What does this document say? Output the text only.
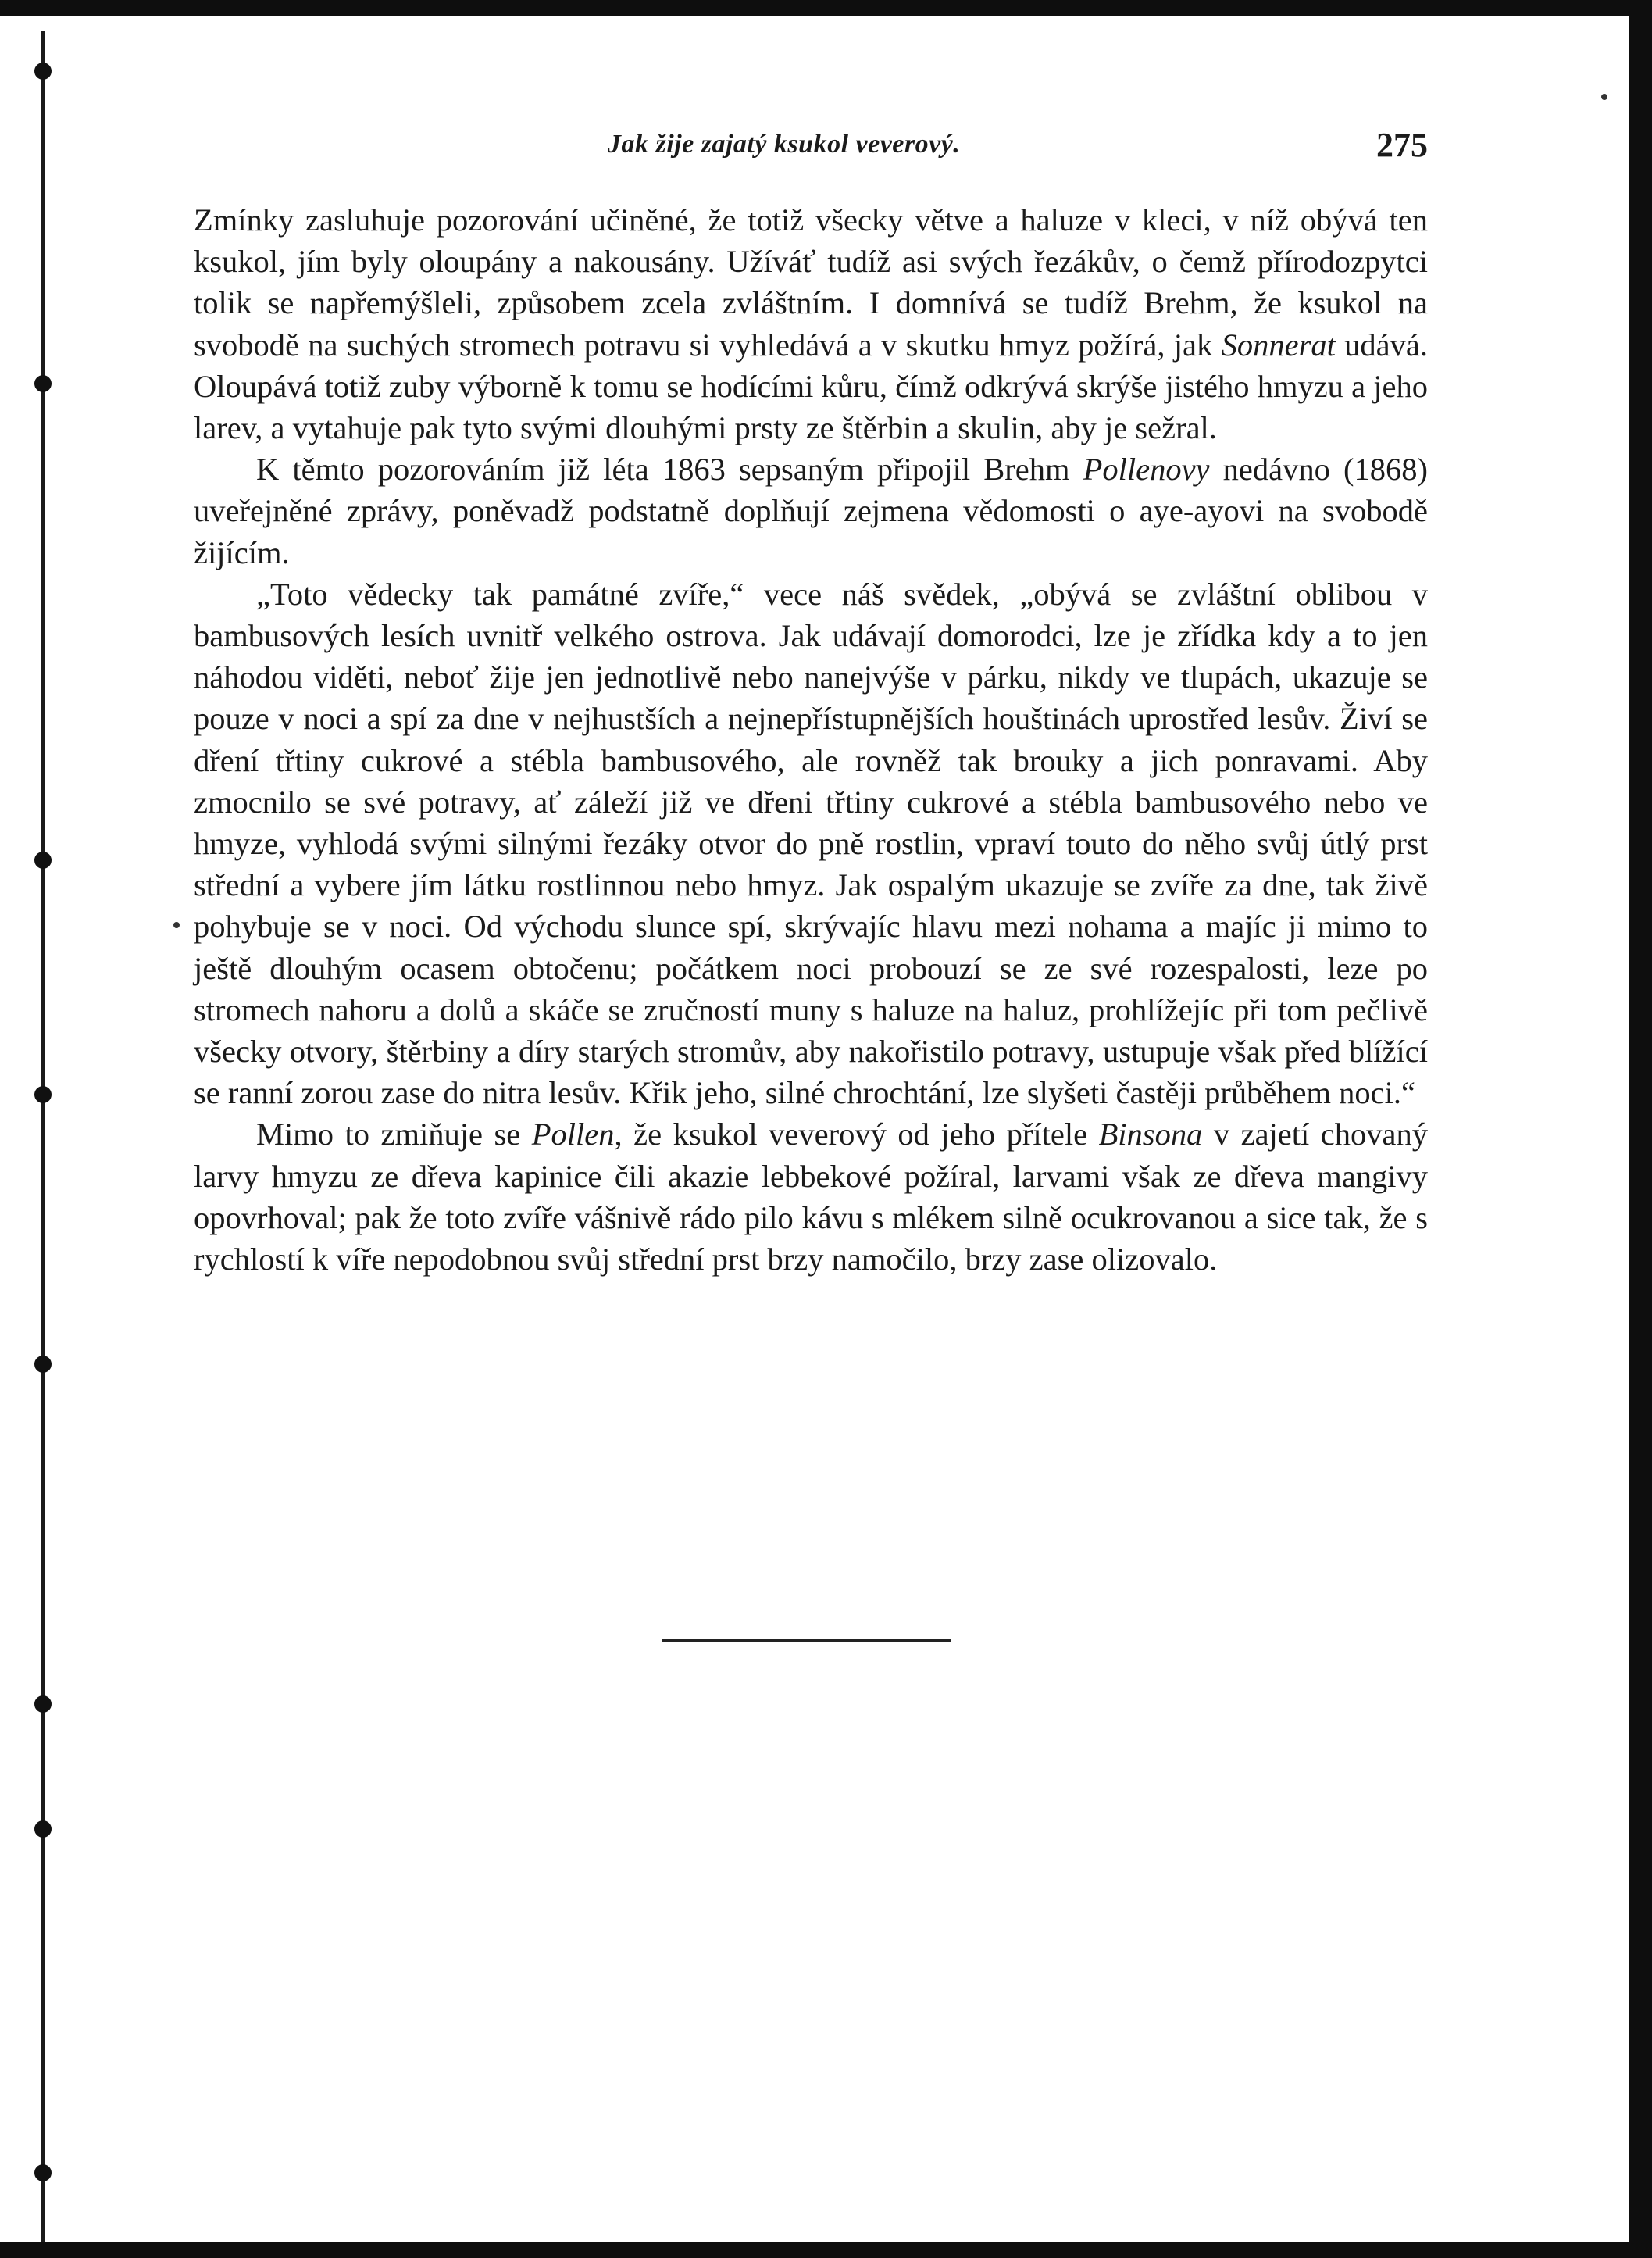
Jak žije zajatý ksukol veverový.	275

Zmínky zasluhuje pozorování učiněné, že totiž všecky větve a haluze v kleci, v níž obývá ten ksukol, jím byly oloupány a nakousány. Užíváť tudíž asi svých řezákův, o čemž přírodozpytci tolik se napřemýšleli, způsobem zcela zvláštním. I domnívá se tudíž Brehm, že ksukol na svobodě na suchých stromech potravu si vyhledává a v skutku hmyz požírá, jak Sonnerat udává. Oloupává totiž zuby výborně k tomu se hodícími kůru, čímž odkrývá skrýše jistého hmyzu a jeho larev, a vytahuje pak tyto svými dlouhými prsty ze štěrbin a skulin, aby je sežral.

K těmto pozorováním již léta 1863 sepsaným připojil Brehm Pollenovy nedávno (1868) uveřejněné zprávy, poněvadž podstatně doplňují zejmena vědomosti o aye-ayovi na svobodě žijícím.

„Toto vědecky tak památné zvíře,“ vece náš svědek, „obývá se zvláštní oblibou v bambusových lesích uvnitř velkého ostrova. Jak udávají domorodci, lze je zřídka kdy a to jen náhodou viděti, neboť žije jen jednotlivě nebo nanejvýše v párku, nikdy ve tlupách, ukazuje se pouze v noci a spí za dne v nejhustších a nejnepřístupnějších houštinách uprostřed lesův. Živí se dření třtiny cukrové a stébla bambusového, ale rovněž tak brouky a jich ponravami. Aby zmocnilo se své potravy, ať záleží již ve dřeni třtiny cukrové a stébla bambusového nebo ve hmyze, vyhlodá svými silnými řezáky otvor do pně rostlin, vpraví touto do něho svůj útlý prst střední a vybere jím látku rostlinnou nebo hmyz. Jak ospalým ukazuje se zvíře za dne, tak živě pohybuje se v noci. Od východu slunce spí, skrývajíc hlavu mezi nohama a majíc ji mimo to ještě dlouhým ocasem obtočenu; počátkem noci probouzí se ze své rozespalosti, leze po stromech nahoru a dolů a skáče se zručností muny s haluze na haluz, prohlížejíc při tom pečlivě všecky otvory, štěrbiny a díry starých stromův, aby nakořistilo potravy, ustupuje však před blížící se ranní zorou zase do nitra lesův. Křik jeho, silné chrochtání, lze slyšeti častěji průběhem noci.“

Mimo to zmiňuje se Pollen, že ksukol veverový od jeho přítele Binsona v zajetí chovaný larvy hmyzu ze dřeva kapinice čili akazie lebbekové požíral, larvami však ze dřeva mangivy opovrhoval; pak že toto zvíře vášnivě rádo pilo kávu s mlékem silně ocukrovanou a sice tak, že s rychlostí k víře nepodobnou svůj střední prst brzy namočilo, brzy zase olizovalo.
